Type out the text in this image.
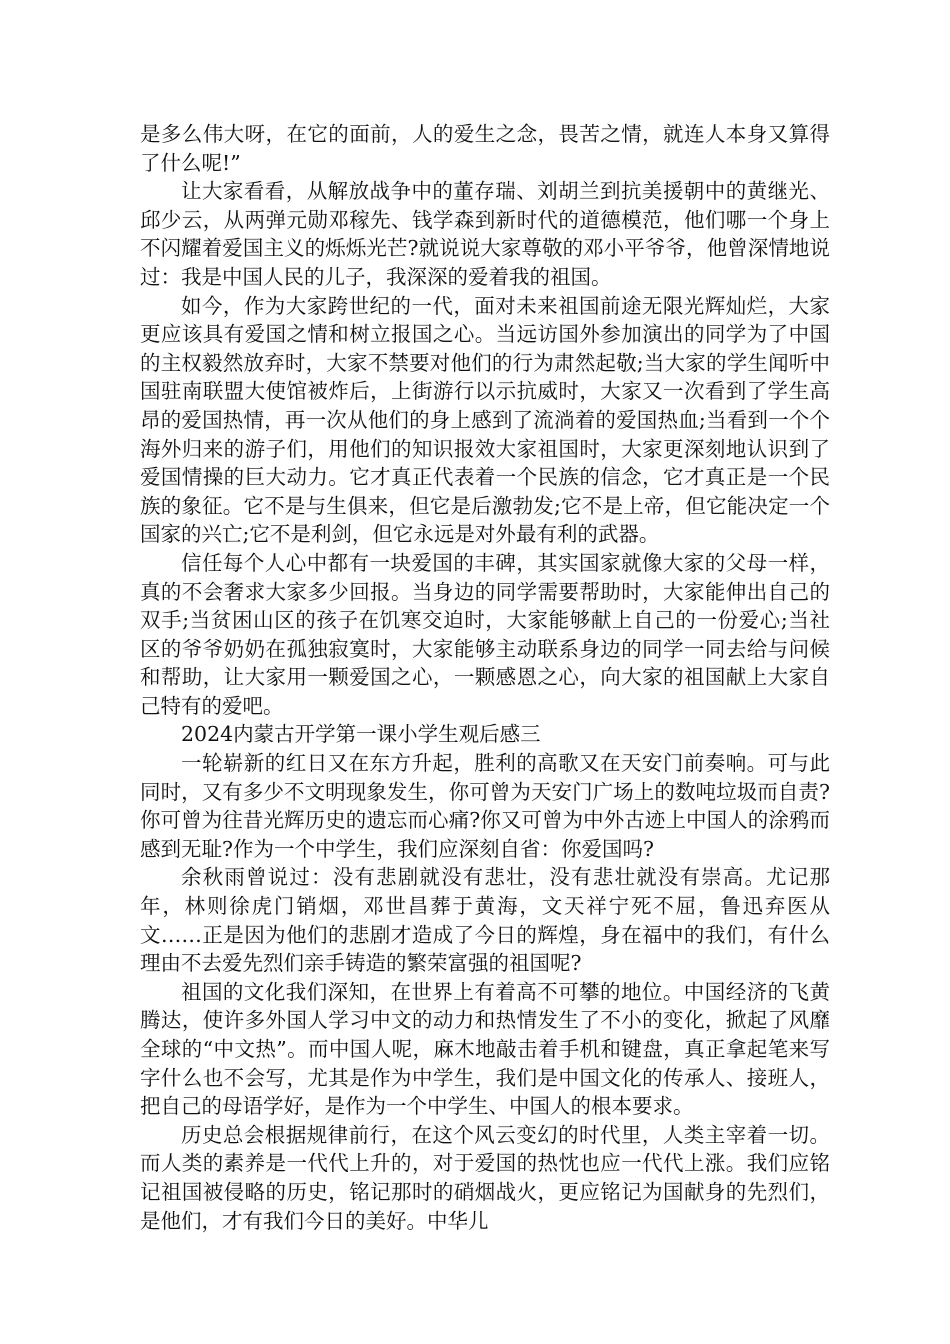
是多么伟大呀，在它的面前，人的爱生之念，畏苦之情，就连人本身又算得了什么呢!”

让大家看看，从解放战争中的董存瑞、刘胡兰到抗美援朝中的黄继光、邱少云，从两弹元勋邓稼先、钱学森到新时代的道德模范，他们哪一个身上不闪耀着爱国主义的烁烁光芒?就说说大家尊敬的邓小平爷爷，他曾深情地说过：我是中国人民的儿子，我深深的爱着我的祖国。

如今，作为大家跨世纪的一代，面对未来祖国前途无限光辉灿烂，大家更应该具有爱国之情和树立报国之心。当远访国外参加演出的同学为了中国的主权毅然放弃时，大家不禁要对他们的行为肃然起敬;当大家的学生闻听中国驻南联盟大使馆被炸后，上街游行以示抗威时，大家又一次看到了学生高昂的爱国热情，再一次从他们的身上感到了流淌着的爱国热血;当看到一个个海外归来的游子们，用他们的知识报效大家祖国时，大家更深刻地认识到了爱国情操的巨大动力。它才真正代表着一个民族的信念，它才真正是一个民族的象征。它不是与生俱来，但它是后激勃发;它不是上帝，但它能决定一个国家的兴亡;它不是利剑，但它永远是对外最有利的武器。

信任每个人心中都有一块爱国的丰碑，其实国家就像大家的父母一样，真的不会奢求大家多少回报。当身边的同学需要帮助时，大家能伸出自己的双手;当贫困山区的孩子在饥寒交迫时，大家能够献上自己的一份爱心;当社区的爷爷奶奶在孤独寂寞时，大家能够主动联系身边的同学一同去给与问候和帮助，让大家用一颗爱国之心，一颗感恩之心，向大家的祖国献上大家自己特有的爱吧。

2024内蒙古开学第一课小学生观后感三

一轮崭新的红日又在东方升起，胜利的高歌又在天安门前奏响。可与此同时，又有多少不文明现象发生，你可曾为天安门广场上的数吨垃圾而自责?你可曾为往昔光辉历史的遗忘而心痛?你又可曾为中外古迹上中国人的涂鸦而感到无耻?作为一个中学生，我们应深刻自省：你爱国吗?

余秋雨曾说过：没有悲剧就没有悲壮，没有悲壮就没有崇高。尤记那年，林则徐虎门销烟，邓世昌葬于黄海，文天祥宁死不屈，鲁迅弃医从文……正是因为他们的悲剧才造成了今日的辉煌，身在福中的我们，有什么理由不去爱先烈们亲手铸造的繁荣富强的祖国呢?

祖国的文化我们深知，在世界上有着高不可攀的地位。中国经济的飞黄腾达，使许多外国人学习中文的动力和热情发生了不小的变化，掀起了风靡全球的“中文热”。而中国人呢，麻木地敲击着手机和键盘，真正拿起笔来写字什么也不会写，尤其是作为中学生，我们是中国文化的传承人、接班人，把自己的母语学好，是作为一个中学生、中国人的根本要求。

历史总会根据规律前行，在这个风云变幻的时代里，人类主宰着一切。而人类的素养是一代代上升的，对于爱国的热忱也应一代代上涨。我们应铭记祖国被侵略的历史，铭记那时的硝烟战火，更应铭记为国献身的先烈们，是他们，才有我们今日的美好。中华儿
